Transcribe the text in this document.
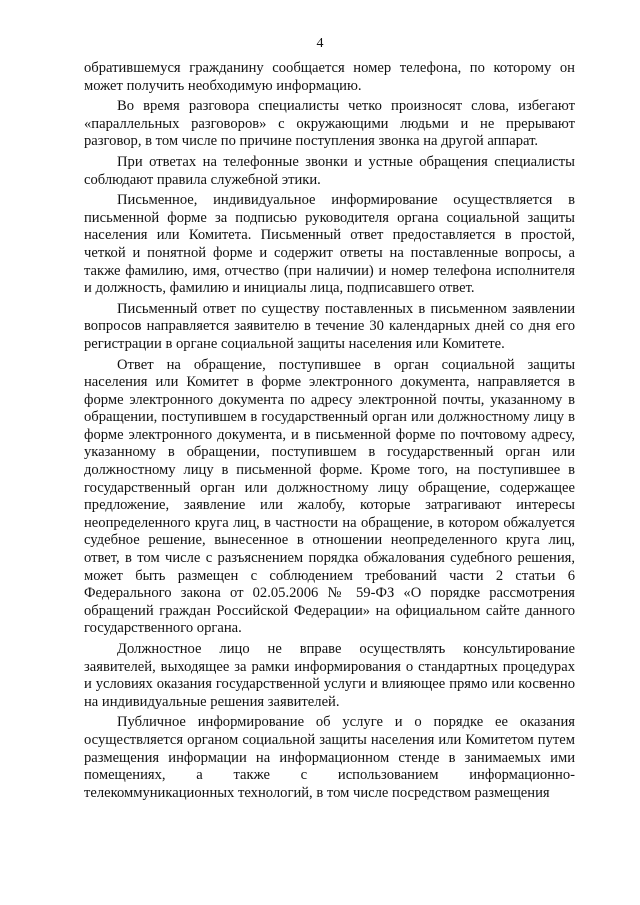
4

обратившемуся гражданину сообщается номер телефона, по которому он может получить необходимую информацию.

Во время разговора специалисты четко произносят слова, избегают «параллельных разговоров» с окружающими людьми и не прерывают разговор, в том числе по причине поступления звонка на другой аппарат.

При ответах на телефонные звонки и устные обращения специалисты соблюдают правила служебной этики.

Письменное, индивидуальное информирование осуществляется в письменной форме за подписью руководителя органа социальной защиты населения или Комитета. Письменный ответ предоставляется в простой, четкой и понятной форме и содержит ответы на поставленные вопросы, а также фамилию, имя, отчество (при наличии) и номер телефона исполнителя и должность, фамилию и инициалы лица, подписавшего ответ.

Письменный ответ по существу поставленных в письменном заявлении вопросов направляется заявителю в течение 30 календарных дней со дня его регистрации в органе социальной защиты населения или Комитете.

Ответ на обращение, поступившее в орган социальной защиты населения или Комитет в форме электронного документа, направляется в форме электронного документа по адресу электронной почты, указанному в обращении, поступившем в государственный орган или должностному лицу в форме электронного документа, и в письменной форме по почтовому адресу, указанному в обращении, поступившем в государственный орган или должностному лицу в письменной форме. Кроме того, на поступившее в государственный орган или должностному лицу обращение, содержащее предложение, заявление или жалобу, которые затрагивают интересы неопределенного круга лиц, в частности на обращение, в котором обжалуется судебное решение, вынесенное в отношении неопределенного круга лиц, ответ, в том числе с разъяснением порядка обжалования судебного решения, может быть размещен с соблюдением требований части 2 статьи 6 Федерального закона от 02.05.2006 № 59-ФЗ «О порядке рассмотрения обращений граждан Российской Федерации» на официальном сайте данного государственного органа.

Должностное лицо не вправе осуществлять консультирование заявителей, выходящее за рамки информирования о стандартных процедурах и условиях оказания государственной услуги и влияющее прямо или косвенно на индивидуальные решения заявителей.

Публичное информирование об услуге и о порядке ее оказания осуществляется органом социальной защиты населения или Комитетом путем размещения информации на информационном стенде в занимаемых ими помещениях, а также с использованием информационно-телекоммуникационных технологий, в том числе посредством размещения
